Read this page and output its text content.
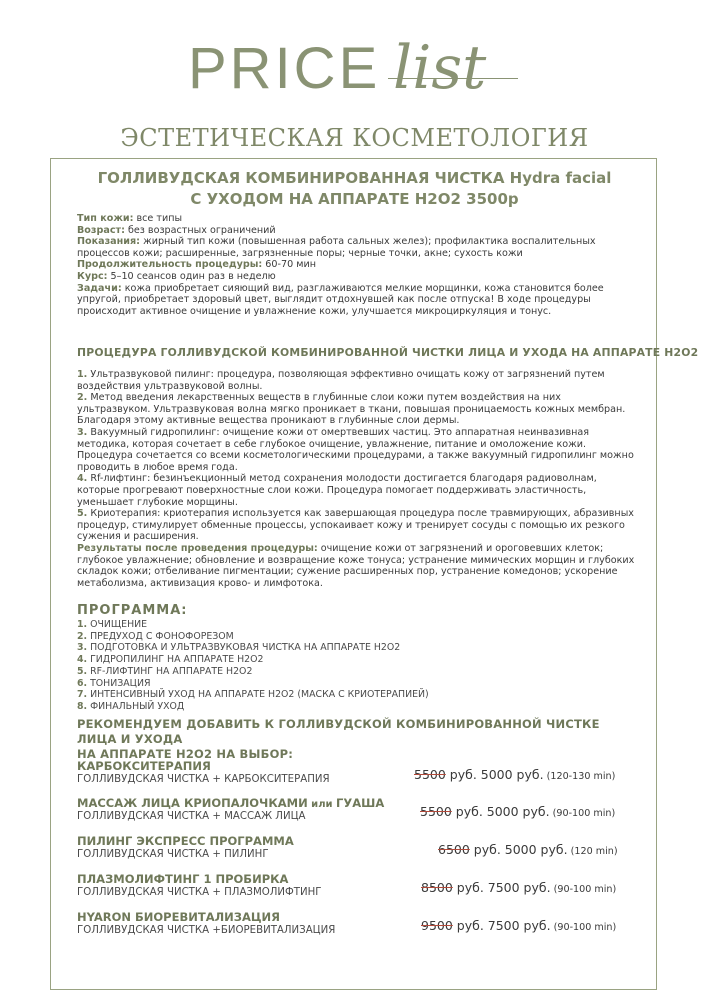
PRICE list
ЭСТЕТИЧЕСКАЯ КОСМЕТОЛОГИЯ
ГОЛЛИВУДСКАЯ КОМБИНИРОВАННАЯ ЧИСТКА Hydra facial
С УХОДОМ НА АППАРАТЕ H2O2 3500р

Тип кожи: все типы

Возраст: без возрастных ограничений

Показания: жирный тип кожи (повышенная работа сальных желез); профилактика воспалительных процессов кожи; расширенные, загрязненные поры; черные точки, акне; сухость кожи

Продолжительность процедуры: 60-70 мин

Курс: 5–10 сеансов один раз в неделю

Задачи: кожа приобретает сияющий вид, разглаживаются мелкие морщинки, кожа становится более упругой, приобретает здоровый цвет, выглядит отдохнувшей как после отпуска! В ходе процедуры происходит активное очищение и увлажнение кожи, улучшается микроциркуляция и тонус.

ПРОЦЕДУРА ГОЛЛИВУДСКОЙ КОМБИНИРОВАННОЙ ЧИСТКИ ЛИЦА И УХОДА НА АППАРАТЕ H2O2

1. Ультразвуковой пилинг: процедура, позволяющая эффективно очищать кожу от загрязнений путем воздействия ультразвуковой волны.

2. Метод введения лекарственных веществ в глубинные слои кожи путем воздействия на них ультразвуком. Ультразвуковая волна мягко проникает в ткани, повышая проницаемость кожных мембран. Благодаря этому активные вещества проникают в глубинные слои дермы.

3. Вакуумный гидропилинг: очищение кожи от омертвевших частиц. Это аппаратная неинвазивная методика, которая сочетает в себе глубокое очищение, увлажнение, питание и омоложение кожи. Процедура сочетается со всеми косметологическими процедурами, а также вакуумный гидропилинг можно проводить в любое время года.

4. Rf-лифтинг: безинъекционный метод сохранения молодости достигается благодаря радиоволнам, которые прогревают поверхностные слои кожи. Процедура помогает поддерживать эластичность, уменьшает глубокие морщины.

5. Криотерапия: криотерапия используется как завершающая процедура после травмирующих, абразивных процедур, стимулирует обменные процессы, успокаивает кожу и тренирует сосуды с помощью их резкого сужения и расширения.

Результаты после проведения процедуры: очищение кожи от загрязнений и ороговевших клеток; глубокое увлажнение; обновление и возвращение коже тонуса; устранение мимических морщин и глубоких складок кожи; отбеливание пигментации; сужение расширенных пор, устранение комедонов; ускорение метаболизма, активизация крово- и лимфотока.

ПРОГРАММА:
1. ОЧИЩЕНИЕ
2. ПРЕДУХОД С ФОНОФОРЕЗОМ
3. ПОДГОТОВКА И УЛЬТРАЗВУКОВАЯ ЧИСТКА НА АППАРАТЕ H2O2
4. ГИДРОПИЛИНГ НА АППАРАТЕ H2O2
5. RF-ЛИФТИНГ НА АППАРАТЕ H2O2
6. ТОНИЗАЦИЯ
7. ИНТЕНСИВНЫЙ УХОД НА АППАРАТЕ H2O2 (МАСКА С КРИОТЕРАПИЕЙ)
8. ФИНАЛЬНЫЙ УХОД
РЕКОМЕНДУЕМ ДОБАВИТЬ К ГОЛЛИВУДСКОЙ КОМБИНИРОВАННОЙ ЧИСТКЕ ЛИЦА И УХОДА
НА АППАРАТЕ H2O2 НА ВЫБОР:
КАРБОКСИТЕРАПИЯ
ГОЛЛИВУДСКАЯ ЧИСТКА + КАРБОКСИТЕРАПИЯ	5500 руб. 5000 руб. (120-130 min)
МАССАЖ ЛИЦА КРИОПАЛОЧКАМИ или ГУАША
ГОЛЛИВУДСКАЯ ЧИСТКА + МАССАЖ ЛИЦА	5500 руб. 5000 руб. (90-100 min)
ПИЛИНГ ЭКСПРЕСС ПРОГРАММА
ГОЛЛИВУДСКАЯ ЧИСТКА + ПИЛИНГ	6500 руб. 5000 руб. (120 min)
ПЛАЗМОЛИФТИНГ 1 ПРОБИРКА
ГОЛЛИВУДСКАЯ ЧИСТКА + ПЛАЗМОЛИФТИНГ	8500 руб. 7500 руб. (90-100 min)
HYARON БИОРЕВИТАЛИЗАЦИЯ
ГОЛЛИВУДСКАЯ ЧИСТКА +БИОРЕВИТАЛИЗАЦИЯ	9500 руб. 7500 руб. (90-100 min)
